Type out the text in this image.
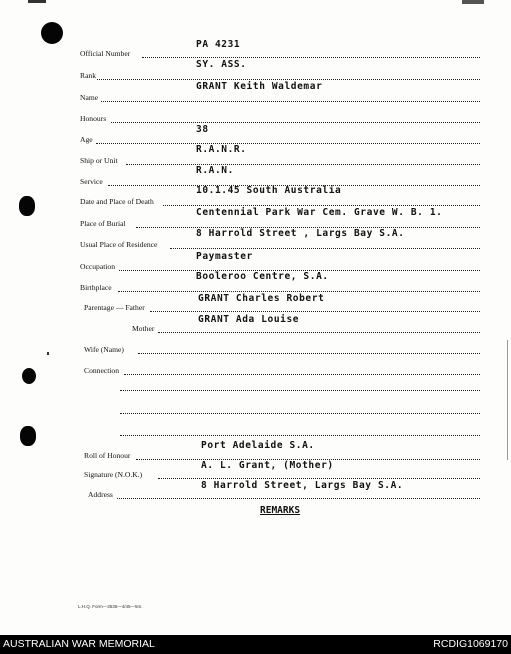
Official Number
PA 4231
Rank
SY. ASS.
Name
GRANT Keith Waldemar
Honours
Age
38
Ship or Unit
R.A.N.R.
Service
R.A.N.
Date and Place of Death
10.1.45 South Australia
Place of Burial
Centennial Park War Cem. Grave W. B. 1.
Usual Place of Residence
8 Harrold Street , Largs Bay S.A.
Occupation
Paymaster
Birthplace
Booleroo Centre, S.A.
Parentage — Father
GRANT Charles Robert
Mother
GRANT Ada Louise
Wife (Name)
Connection
Roll of Honour
Port Adelaide S.A.
Signature (N.O.K.)
A. L. Grant, (Mother)
Address
8 Harrold Street, Largs Bay S.A.
REMARKS
L.H.Q. Form—3535—4/45—5m.
AUSTRALIAN WAR MEMORIAL	RCDIG1069170
